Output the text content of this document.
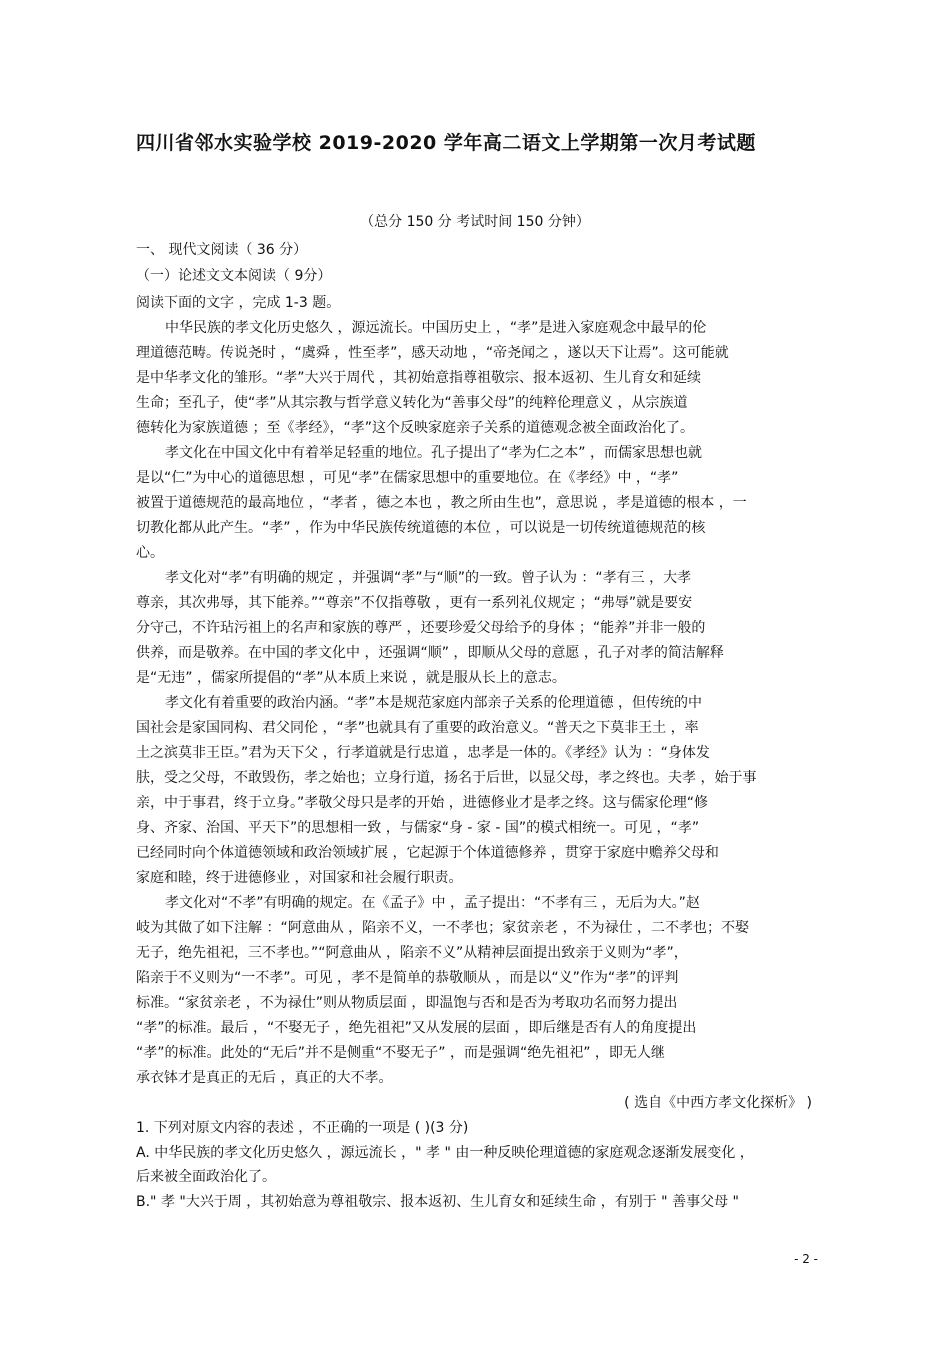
四川省邻水实验学校 2019-2020 学年高二语文上学期第一次月考试题
（总分 150 分 考试时间 150 分钟）
一、 现代文阅读（ 36 分）
（一）论述文文本阅读（ 9分）
阅读下面的文字 ，完成 1-3 题。
中华民族的孝文化历史悠久 ，源远流长。中国历史上 ，“孝”是进入家庭观念中最早的伦
理道德范畴。传说尧时 ，“虞舜 ，性至孝”，感天动地 ，“帝尧闻之 ，遂以天下让焉”。这可能就
是中华孝文化的雏形。“孝”大兴于周代 ，其初始意指尊祖敬宗、报本返初、生儿育女和延续
生命；至孔子，使“孝”从其宗教与哲学意义转化为“善事父母”的纯粹伦理意义 ，从宗族道
德转化为家族道德 ；至《孝经》，“孝”这个反映家庭亲子关系的道德观念被全面政治化了。
孝文化在中国文化中有着举足轻重的地位。孔子提出了“孝为仁之本” ，而儒家思想也就
是以“仁”为中心的道德思想 ，可见“孝”在儒家思想中的重要地位。在《孝经》中 ，“孝”
被置于道德规范的最高地位 ，“孝者 ，德之本也 ，教之所由生也”，意思说 ，孝是道德的根本 ，一
切教化都从此产生。“孝” ，作为中华民族传统道德的本位 ，可以说是一切传统道德规范的核
心。
孝文化对“孝”有明确的规定 ，并强调“孝”与“顺”的一致。曾子认为 ：“孝有三 ，大孝
尊亲，其次弗辱，其下能养。”“尊亲”不仅指尊敬 ，更有一系列礼仪规定 ；“弗辱”就是要安
分守己，不许玷污祖上的名声和家族的尊严 ，还要珍爱父母给予的身体 ；“能养”并非一般的
供养，而是敬养。在中国的孝文化中 ，还强调“顺” ，即顺从父母的意愿 ，孔子对孝的简洁解释
是“无违” ，儒家所提倡的“孝”从本质上来说 ，就是服从长上的意志。
孝文化有着重要的政治内涵。“孝”本是规范家庭内部亲子关系的伦理道德 ，但传统的中
国社会是家国同构、君父同伦 ，“孝”也就具有了重要的政治意义。“普天之下莫非王土 ，率
土之滨莫非王臣。”君为天下父 ，行孝道就是行忠道 ，忠孝是一体的。《孝经》认为 ：“身体发
肤，受之父母，不敢毁伤，孝之始也；立身行道，扬名于后世，以显父母，孝之终也。夫孝 ，始于事
亲，中于事君，终于立身。”孝敬父母只是孝的开始 ，进德修业才是孝之终。这与儒家伦理“修
身、齐家、治国、平天下”的思想相一致 ，与儒家“身 - 家 - 国”的模式相统一。可见 ，“孝”
已经同时向个体道德领域和政治领域扩展 ，它起源于个体道德修养 ，贯穿于家庭中赡养父母和
家庭和睦，终于进德修业 ，对国家和社会履行职责。
孝文化对“不孝”有明确的规定。在《孟子》中 ，孟子提出：“不孝有三 ，无后为大。”赵
岐为其做了如下注解 ：“阿意曲从 ，陷亲不义，一不孝也；家贫亲老 ，不为禄仕 ，二不孝也；不娶
无子，绝先祖祀，三不孝也。”“阿意曲从 ，陷亲不义”从精神层面提出致亲于义则为“孝”，
陷亲于不义则为“一不孝”。可见 ，孝不是简单的恭敬顺从 ，而是以“义”作为“孝”的评判
标准。“家贫亲老 ，不为禄仕”则从物质层面 ，即温饱与否和是否为考取功名而努力提出
“孝”的标准。最后 ，“不娶无子 ，绝先祖祀”又从发展的层面 ，即后继是否有人的角度提出
“孝”的标准。此处的“无后”并不是侧重“不娶无子” ，而是强调“绝先祖祀” ，即无人继
承衣钵才是真正的无后 ，真正的大不孝。
( 选自《中西方孝文化探析》 )
1. 下列对原文内容的表述 ，不正确的一项是 ( )(3 分)
A. 中华民族的孝文化历史悠久 ，源远流长 ，" 孝 " 由一种反映伦理道德的家庭观念逐渐发展变化 ，
后来被全面政治化了。
B." 孝 "大兴于周 ，其初始意为尊祖敬宗、报本返初、生儿育女和延续生命 ，有别于 " 善事父母 "
- 2 -
